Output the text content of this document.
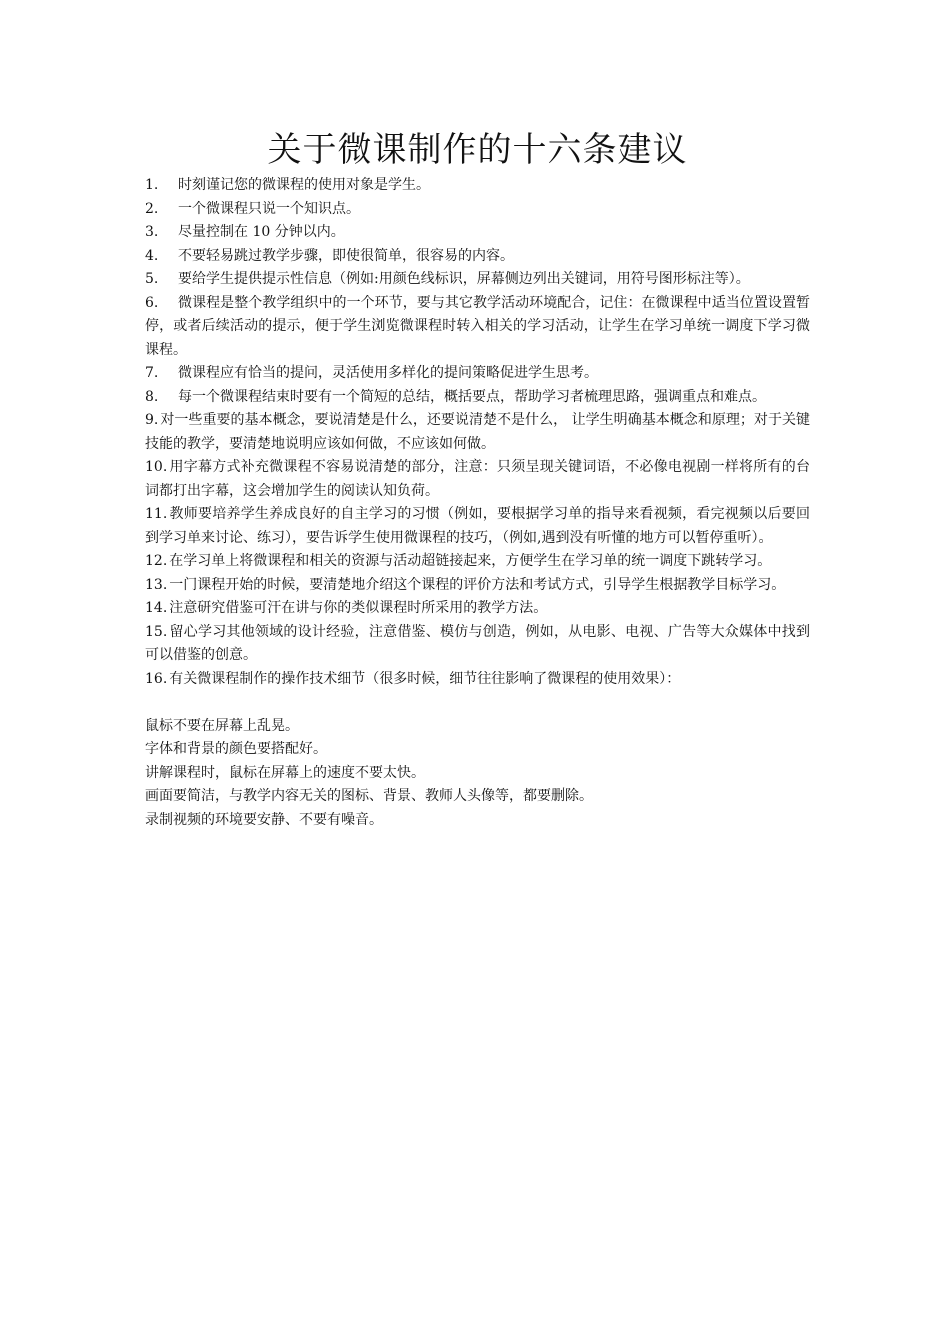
关于微课制作的十六条建议
1. 时刻谨记您的微课程的使用对象是学生。
2. 一个微课程只说一个知识点。
3. 尽量控制在 10 分钟以内。
4. 不要轻易跳过教学步骤，即使很简单，很容易的内容。
5. 要给学生提供提示性信息（例如:用颜色线标识，屏幕侧边列出关键词，用符号图形标注等）。
6. 微课程是整个教学组织中的一个环节，要与其它教学活动环境配合，记住：在微课程中适当位置设置暂停，或者后续活动的提示，便于学生浏览微课程时转入相关的学习活动，让学生在学习单统一调度下学习微课程。
7. 微课程应有恰当的提问，灵活使用多样化的提问策略促进学生思考。
8. 每一个微课程结束时要有一个简短的总结，概括要点，帮助学习者梳理思路，强调重点和难点。
9. 对一些重要的基本概念，要说清楚是什么，还要说清楚不是什么， 让学生明确基本概念和原理；对于关键技能的教学，要清楚地说明应该如何做，不应该如何做。
10. 用字幕方式补充微课程不容易说清楚的部分，注意：只须呈现关键词语，不必像电视剧一样将所有的台词都打出字幕，这会增加学生的阅读认知负荷。
11. 教师要培养学生养成良好的自主学习的习惯（例如，要根据学习单的指导来看视频，看完视频以后要回到学习单来讨论、练习），要告诉学生使用微课程的技巧，（例如,遇到没有听懂的地方可以暂停重听）。
12. 在学习单上将微课程和相关的资源与活动超链接起来，方便学生在学习单的统一调度下跳转学习。
13. 一门课程开始的时候，要清楚地介绍这个课程的评价方法和考试方式，引导学生根据教学目标学习。
14. 注意研究借鉴可汗在讲与你的类似课程时所采用的教学方法。
15. 留心学习其他领域的设计经验，注意借鉴、模仿与创造，例如，从电影、电视、广告等大众媒体中找到可以借鉴的创意。
16. 有关微课程制作的操作技术细节（很多时候，细节往往影响了微课程的使用效果）：
鼠标不要在屏幕上乱晃。
字体和背景的颜色要搭配好。
讲解课程时，鼠标在屏幕上的速度不要太快。
画面要简洁，与教学内容无关的图标、背景、教师人头像等，都要删除。
录制视频的环境要安静、不要有噪音。
